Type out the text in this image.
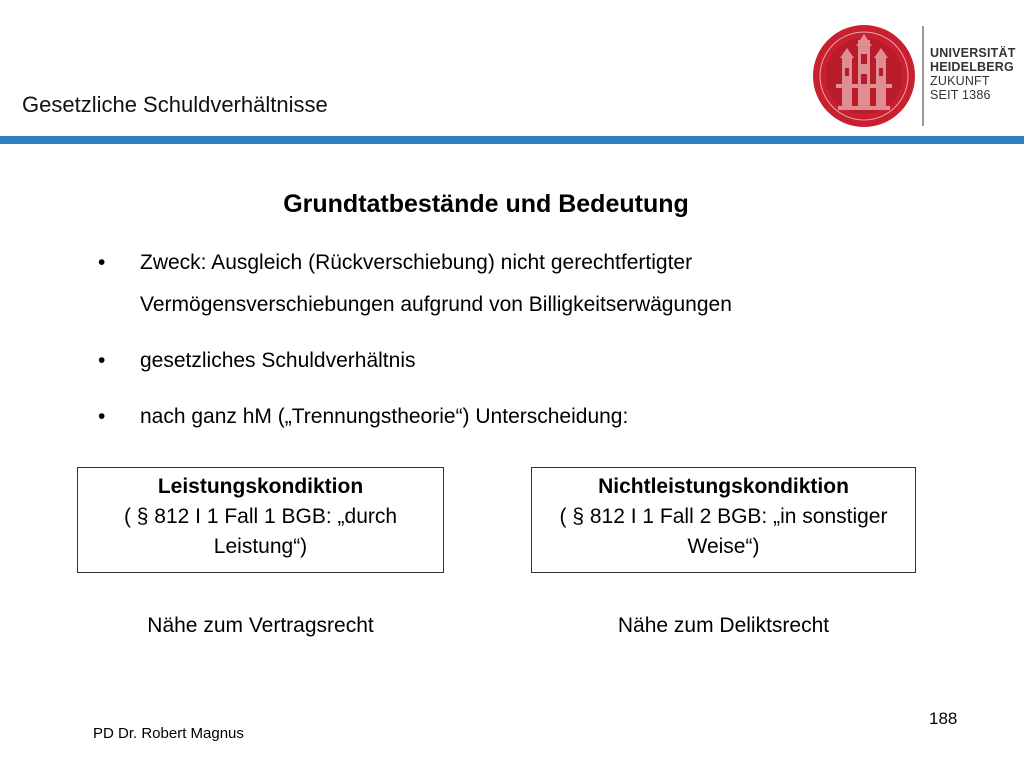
Gesetzliche Schuldverhältnisse
UNIVERSITÄT
HEIDELBERG
ZUKUNFT
SEIT 1386
Grundtatbestände und Bedeutung
• Zweck: Ausgleich (Rückverschiebung) nicht gerechtfertigter Vermögensverschiebungen aufgrund von Billigkeitserwägungen
• gesetzliches Schuldverhältnis
• nach ganz hM („Trennungstheorie“) Unterscheidung:
Leistungskondiktion
( § 812 I 1 Fall 1 BGB: „durch Leistung“)
Nichtleistungskondiktion
( § 812 I 1 Fall 2 BGB: „in sonstiger Weise“)
Nähe zum Vertragsrecht	Nähe zum Deliktsrecht
PD Dr. Robert Magnus
188
